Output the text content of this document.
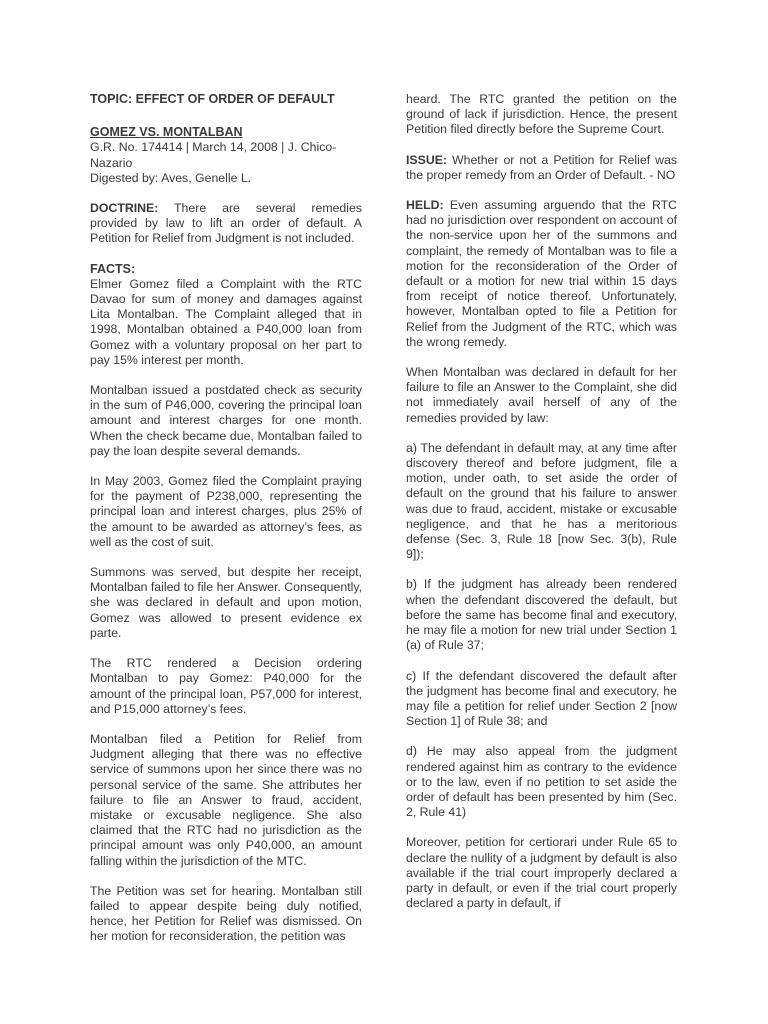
TOPIC: EFFECT OF ORDER OF DEFAULT

GOMEZ VS. MONTALBAN

G.R. No. 174414 | March 14, 2008 | J. Chico-Nazario

Digested by: Aves, Genelle L.

DOCTRINE: There are several remedies provided by law to lift an order of default. A Petition for Relief from Judgment is not included.

FACTS:

Elmer Gomez filed a Complaint with the RTC Davao for sum of money and damages against Lita Montalban. The Complaint alleged that in 1998, Montalban obtained a P40,000 loan from Gomez with a voluntary proposal on her part to pay 15% interest per month.

Montalban issued a postdated check as security in the sum of P46,000, covering the principal loan amount and interest charges for one month. When the check became due, Montalban failed to pay the loan despite several demands.

In May 2003, Gomez filed the Complaint praying for the payment of P238,000, representing the principal loan and interest charges, plus 25% of the amount to be awarded as attorney’s fees, as well as the cost of suit.

Summons was served, but despite her receipt, Montalban failed to file her Answer. Consequently, she was declared in default and upon motion, Gomez was allowed to present evidence ex parte.

The RTC rendered a Decision ordering Montalban to pay Gomez: P40,000 for the amount of the principal loan, P57,000 for interest, and P15,000 attorney’s fees.

Montalban filed a Petition for Relief from Judgment alleging that there was no effective service of summons upon her since there was no personal service of the same. She attributes her failure to file an Answer to fraud, accident, mistake or excusable negligence. She also claimed that the RTC had no jurisdiction as the principal amount was only P40,000, an amount falling within the jurisdiction of the MTC.

The Petition was set for hearing. Montalban still failed to appear despite being duly notified, hence, her Petition for Relief was dismissed. On her motion for reconsideration, the petition was

heard. The RTC granted the petition on the ground of lack if jurisdiction. Hence, the present Petition filed directly before the Supreme Court.

ISSUE: Whether or not a Petition for Relief was the proper remedy from an Order of Default. - NO

HELD: Even assuming arguendo that the RTC had no jurisdiction over respondent on account of the non-service upon her of the summons and complaint, the remedy of Montalban was to file a motion for the reconsideration of the Order of default or a motion for new trial within 15 days from receipt of notice thereof. Unfortunately, however, Montalban opted to file a Petition for Relief from the Judgment of the RTC, which was the wrong remedy.

When Montalban was declared in default for her failure to file an Answer to the Complaint, she did not immediately avail herself of any of the remedies provided by law:

a) The defendant in default may, at any time after discovery thereof and before judgment, file a motion, under oath, to set aside the order of default on the ground that his failure to answer was due to fraud, accident, mistake or excusable negligence, and that he has a meritorious defense (Sec. 3, Rule 18 [now Sec. 3(b), Rule 9]);

b) If the judgment has already been rendered when the defendant discovered the default, but before the same has become final and executory, he may file a motion for new trial under Section 1 (a) of Rule 37;

c) If the defendant discovered the default after the judgment has become final and executory, he may file a petition for relief under Section 2 [now Section 1] of Rule 38; and

d) He may also appeal from the judgment rendered against him as contrary to the evidence or to the law, even if no petition to set aside the order of default has been presented by him (Sec. 2, Rule 41)

Moreover, petition for certiorari under Rule 65 to declare the nullity of a judgment by default is also available if the trial court improperly declared a party in default, or even if the trial court properly declared a party in default, if
